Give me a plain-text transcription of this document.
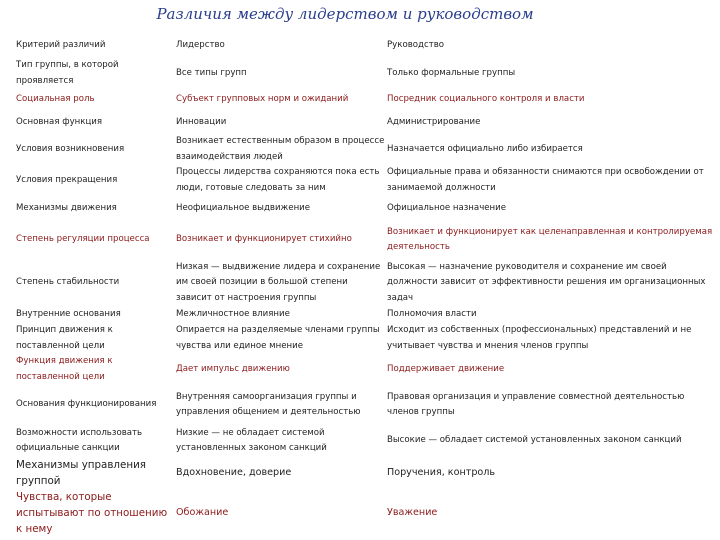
Различия между лидерством и руководством
Критерий различий	Лидерство	Руководство
Тип группы, в которой проявляется	Все типы групп	Только формальные группы
Социальная роль	Субъект групповых норм и ожиданий	Посредник социального контроля и власти
Основная функция	Инновации	Администрирование
Условия возникновения	Возникает естественным образом в процессе взаимодействия людей	Назначается официально либо избирается
Условия прекращения	Процессы лидерства сохраняются пока есть люди, готовые следовать за ним	Официальные права и обязанности снимаются при освобождении от занимаемой должности
Механизмы движения	Неофициальное выдвижение	Официальное назначение
Степень регуляции процесса	Возникает и функционирует стихийно	Возникает и функционирует как целенаправленная и контролируемая деятельность
Степень стабильности	Низкая — выдвижение лидера и сохранение им своей позиции в большой степени зависит от настроения группы	Высокая — назначение руководителя и сохранение им своей должности зависит от эффективности решения им организационных задач
Внутренние основания	Межличностное влияние	Полномочия власти
Принцип движения к поставленной цели	Опирается на разделяемые членами группы чувства или единое мнение	Исходит из собственных (профессиональных) представлений и не учитывает чувства и мнения членов группы
Функция движения к поставленной цели	Дает импульс движению	Поддерживает движение
Основания функционирования	Внутренняя самоорганизация группы и управления общением и деятельностью	Правовая организация и управление совместной деятельностью членов группы
Возможности использовать официальные санкции	Низкие — не обладает системой установленных законом санкций	Высокие — обладает системой установленных законом санкций
Механизмы управления группой	Вдохновение, доверие	Поручения, контроль
Чувства, которые испытывают по отношению к нему	Обожание	Уважение
